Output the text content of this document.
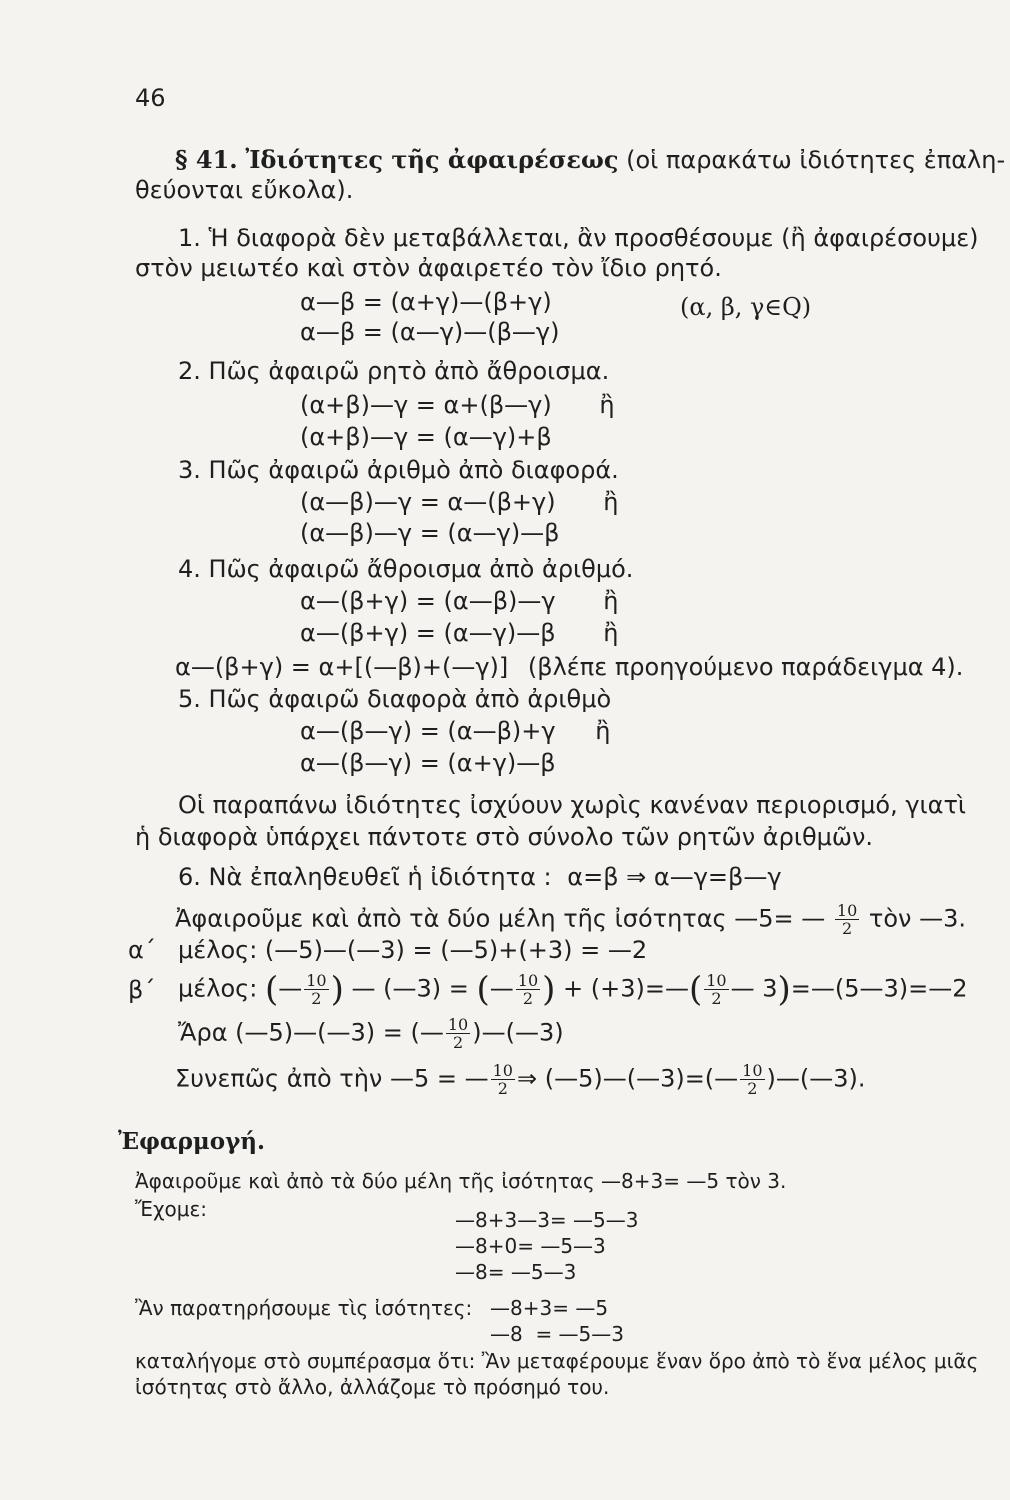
46
§ 41. Ἰδιότητες τῆς ἀφαιρέσεως (οἱ παρακάτω ἰδιότητες ἐπαλη-
θεύονται εὔκολα).
1. Ἡ διαφορὰ δὲν μεταβάλλεται, ἂν προσθέσουμε (ἢ ἀφαιρέσουμε)
στὸν μειωτέο καὶ στὸν ἀφαιρετέο τὸν ἴδιο ρητό.
α—β = (α+γ)—(β+γ)	(α, β, γ∈Q)
α—β = (α—γ)—(β—γ)
2. Πῶς ἀφαιρῶ ρητὸ ἀπὸ ἄθροισμα.
(α+β)—γ = α+(β—γ) ἢ
(α+β)—γ = (α—γ)+β
3. Πῶς ἀφαιρῶ ἀριθμὸ ἀπὸ διαφορά.
(α—β)—γ = α—(β+γ) ἢ
(α—β)—γ = (α—γ)—β
4. Πῶς ἀφαιρῶ ἄθροισμα ἀπὸ ἀριθμό.
α—(β+γ) = (α—β)—γ ἢ
α—(β+γ) = (α—γ)—β ἢ
α—(β+γ) = α+[(—β)+(—γ)] (βλέπε προηγούμενο παράδειγμα 4).
5. Πῶς ἀφαιρῶ διαφορὰ ἀπὸ ἀριθμὸ
α—(β—γ) = (α—β)+γ ἢ
α—(β—γ) = (α+γ)—β
Οἱ παραπάνω ἰδιότητες ἰσχύουν χωρὶς κανέναν περιορισμό, γιατὶ
ἡ διαφορὰ ὑπάρχει πάντοτε στὸ σύνολο τῶν ρητῶν ἀριθμῶν.
6. Νὰ ἐπαληθευθεῖ ἡ ἰδιότητα : α=β ⇒ α—γ=β—γ
Ἀφαιροῦμε καὶ ἀπὸ τὰ δύο μέλη τῆς ἰσότητας —5= — $\frac{10}{2}$ τὸν —3.
α΄ μέλος: (—5)—(—3) = (—5)+(+3) = —2
β΄ μέλος: (— $\frac{10}{2}$ ) — (—3) = (— $\frac{10}{2}$ ) + (+3)=—( $\frac{10}{2}$ — 3)=—(5—3)=—2
Ἄρα (—5)—(—3) = (— $\frac{10}{2}$ )—(—3)
Συνεπῶς ἀπὸ τὴν —5 = — $\frac{10}{2}$ ⇒ (—5)—(—3)=(— $\frac{10}{2}$ )—(—3).
Ἐφαρμογή.
Ἀφαιροῦμε καὶ ἀπὸ τὰ δύο μέλη τῆς ἰσότητας —8+3= —5 τὸν 3.
Ἔχομε:	—8+3—3= —5—3
—8+0= —5—3
—8= —5—3
Ἂν παρατηρήσουμε τὶς ἰσότητες: —8+3= —5
—8  = —5—3
καταλήγομε στὸ συμπέρασμα ὅτι: Ἂν μεταφέρουμε ἕναν ὅρο ἀπὸ τὸ ἕνα μέλος μιᾶς
ἰσότητας στὸ ἄλλο, ἀλλάζομε τὸ πρόσημό του.
